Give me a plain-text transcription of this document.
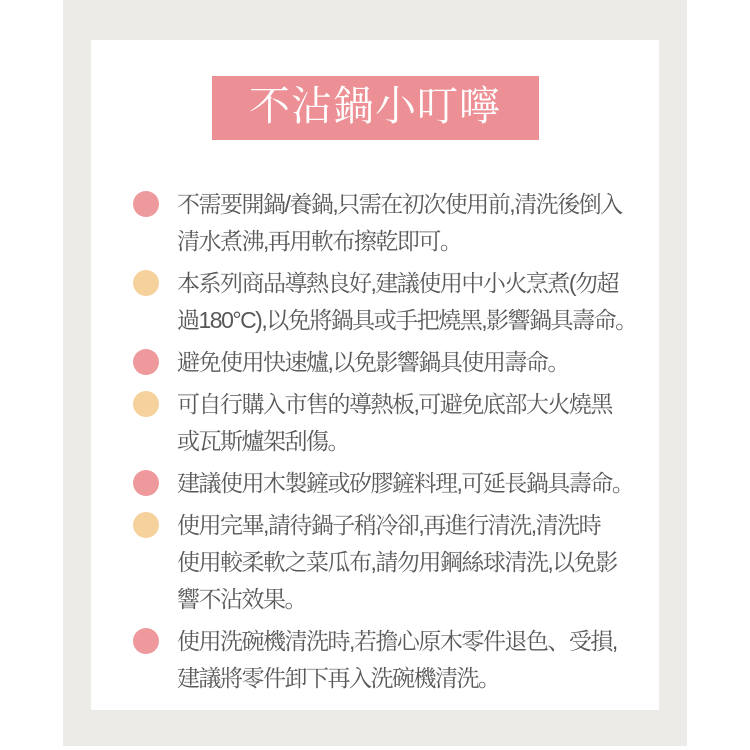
不沾鍋小叮嚀
不需要開鍋/養鍋,只需在初次使用前,清洗後倒入
清水煮沸,再用軟布擦乾即可。
本系列商品導熱良好,建議使用中小火烹煮(勿超
過180°C),以免將鍋具或手把燒黑,影響鍋具壽命。
避免使用快速爐,以免影響鍋具使用壽命。
可自行購入市售的導熱板,可避免底部大火燒黑
或瓦斯爐架刮傷。
建議使用木製鏟或矽膠鏟料理,可延長鍋具壽命。
使用完畢,請待鍋子稍冷卻,再進行清洗,清洗時
使用較柔軟之菜瓜布,請勿用鋼絲球清洗,以免影
響不沾效果。
使用洗碗機清洗時,若擔心原木零件退色、受損,
建議將零件卸下再入洗碗機清洗。
